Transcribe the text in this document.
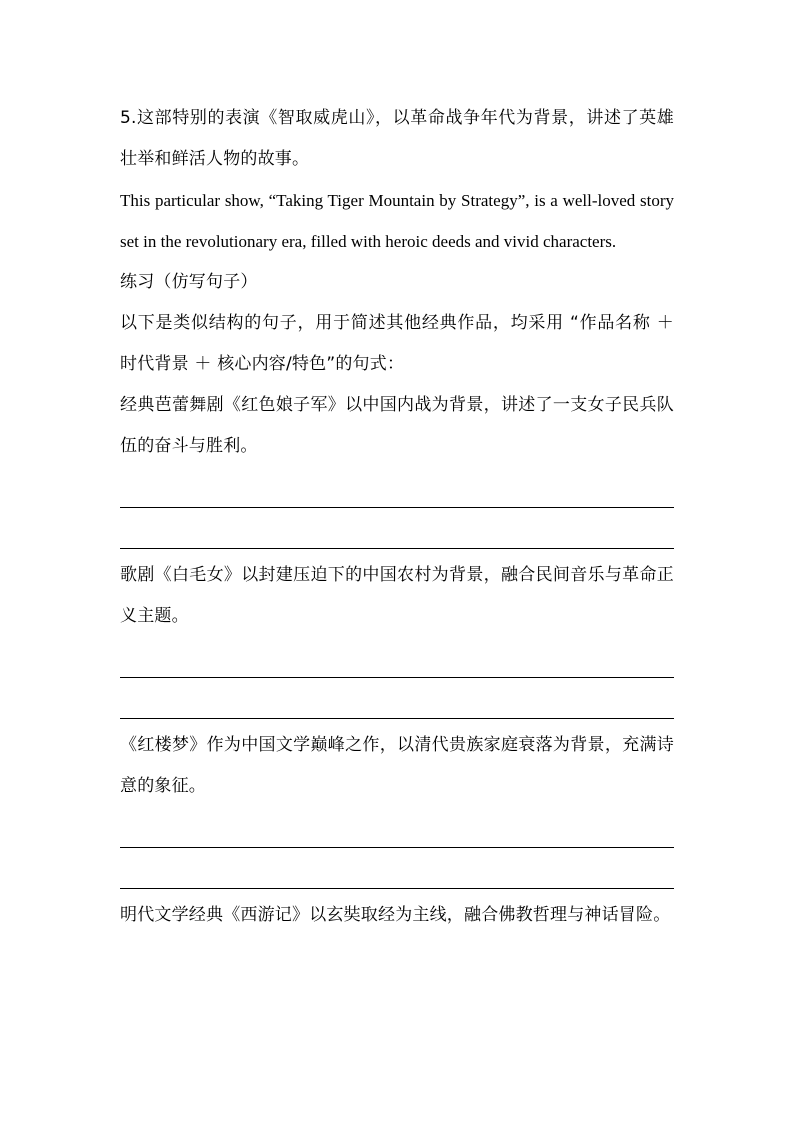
5.这部特别的表演《智取威虎山》，以革命战争年代为背景，讲述了英雄壮举和鲜活人物的故事。

This particular show, “Taking Tiger Mountain by Strategy”, is a well-loved story set in the revolutionary era, filled with heroic deeds and vivid characters.

练习（仿写句子）

以下是类似结构的句子，用于简述其他经典作品，均采用 “作品名称 ＋ 时代背景 ＋ 核心内容/特色”的句式：

经典芭蕾舞剧《红色娘子军》以中国内战为背景，讲述了一支女子民兵队伍的奋斗与胜利。

歌剧《白毛女》以封建压迫下的中国农村为背景，融合民间音乐与革命正义主题。

《红楼梦》作为中国文学巅峰之作，以清代贵族家庭衰落为背景，充满诗意的象征。

明代文学经典《西游记》以玄奘取经为主线，融合佛教哲理与神话冒险。
